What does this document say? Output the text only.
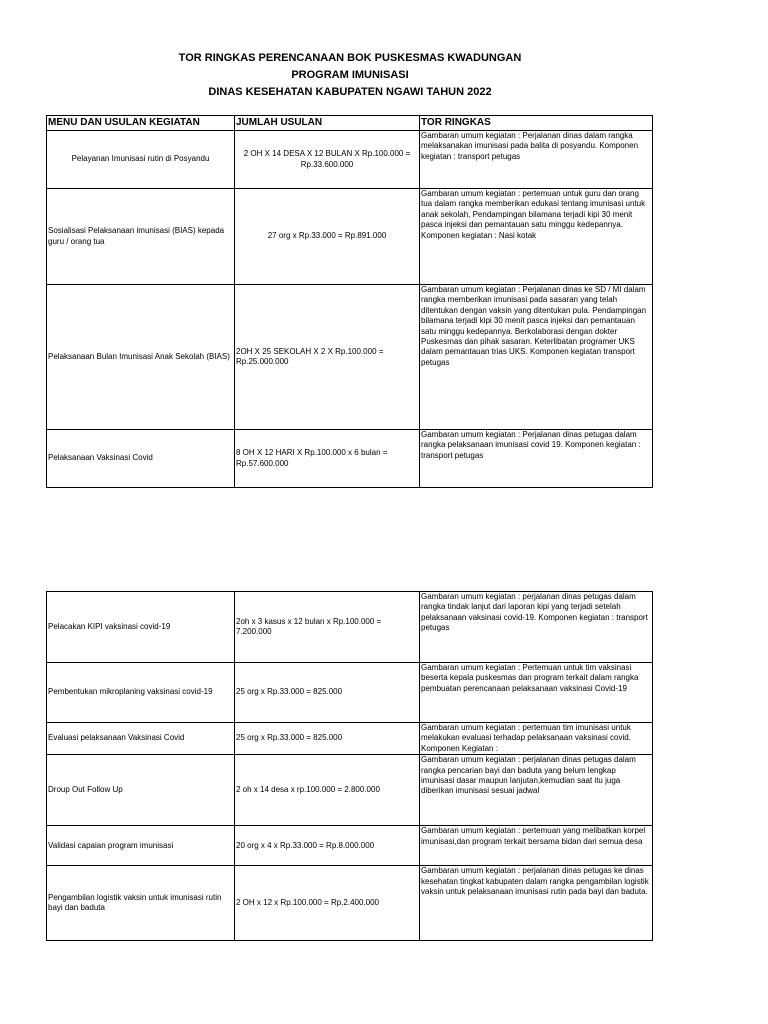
TOR RINGKAS PERENCANAAN BOK PUSKESMAS KWADUNGAN
PROGRAM IMUNISASI
DINAS KESEHATAN KABUPATEN NGAWI TAHUN 2022
MENU DAN USULAN KEGIATAN	JUMLAH USULAN	TOR RINGKAS
Pelayanan Imunisasi rutin di Posyandu	2 OH X 14 DESA X 12 BULAN X Rp.100.000 = Rp.33.600.000	Gambaran umum kegiatan : Perjalanan dinas dalam rangka melaksanakan imunisasi pada balita di posyandu. Komponen kegiatan : transport petugas
Sosialisasi Pelaksanaan imunisasi (BIAS) kepada guru / orang tua	27 org x Rp.33.000 = Rp.891.000	Gambaran umum kegiatan : pertemuan untuk guru dan orang tua dalam rangka memberikan edukasi tentang imunisasi untuk anak sekolah, Pendampingan bilamana terjadi kipi 30 menit pasca injeksi dan pemantauan satu minggu kedepannya. Komponen kegiatan : Nasi kotak
Pelaksanaan Bulan Imunisasi Anak Sekolah (BIAS)	2OH X 25 SEKOLAH X 2 X Rp.100.000 = Rp.25.000.000	Gambaran umum kegiatan : Perjalanan dinas ke SD / MI dalam rangka memberikan imunisasi pada sasaran yang telah ditentukan dengan vaksin yang ditentukan pula. Pendampingan bilamana terjadi kipi 30 menit pasca injeksi dan pemantauan satu minggu kedepannya. Berkolaborasi dengan dokter Puskesmas dan pihak sasaran. Keterlibatan programer UKS dalam pemantauan trias UKS. Komponen kegiatan transport petugas
Pelaksanaan Vaksinasi Covid	8 OH X 12 HARI X Rp.100.000 x 6 bulan = Rp.57.600.000	Gambaran umum kegiatan : Perjalanan dinas petugas dalam rangka pelaksanaan imunisasi covid 19. Komponen kegiatan : transport petugas
Pelacakan KIPI vaksinasi covid-19	2oh x 3 kasus x 12 bulan x Rp.100.000 = 7.200.000	Gambaran umum kegiatan : perjalanan dinas petugas dalam rangka tindak lanjut dari laporan kipi yang terjadi setelah pelaksanaan vaksinasi covid-19. Komponen kegiatan : transport petugas
Pembentukan mikroplaning vaksinasi covid-19	25 org x Rp.33.000 = 825.000	Gambaran umum kegiatan : Pertemuan untuk tim vaksinasi beserta kepala puskesmas dan program terkait dalam rangka pembuatan perencanaan pelaksanaan vaksinasi Covid-19
Evaluasi pelaksanaan Vaksinasi Covid	25 org x Rp.33.000 = 825.000	Gambaran umum kegiatan : pertemuan tim imunisasi untuk melakukan evaluasi terhadap pelaksanaan vaksinasi covid. Komponen Kegiatan :
Droup Out Follow Up	2 oh x 14 desa x rp.100.000 = 2.800.000	Gambaran umum kegiatan : perjalanan dinas petugas dalam rangka pencarian bayi dan baduta yang belum lengkap imunisasi dasar maupun lanjutan,kemudian saat itu juga diberikan imunisasi sesuai jadwal
Validasi capaian program imunisasi	20 org x 4 x Rp.33.000 = Rp.8.000.000	Gambaran umum kegiatan : pertemuan yang melibatkan korpel imunisasi,dan program terkait bersama bidan dari semua desa
Pengambilan logistik vaksin untuk imunisasi rutin bayi dan baduta	2 OH x 12 x Rp.100.000 = Rp.2.400.000	Gambaran umum kegiatan : perjalanan dinas petugas ke dinas kesehatan tingkat kabupaten dalam rangka pengambilan logistik vaksin untuk pelaksanaan imunisasi rutin pada bayi dan baduta.
